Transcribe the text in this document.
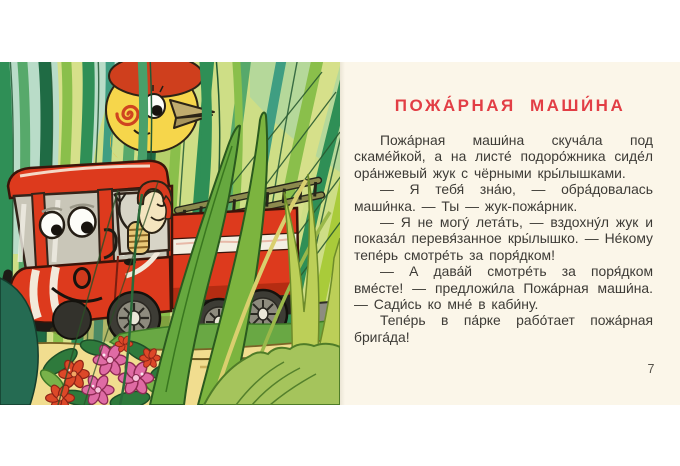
ПОЖА́РНАЯ МАШИ́НА

Пожа́рная маши́на скуча́ла под скаме́йкой, а на листе́ подоро́жника сиде́л ора́нжевый жук с чёрными кры́лышками.

— Я тебя́ зна́ю, — обра́довалась маши́нка. — Ты — жук-пожа́рник.

— Я не могу́ лета́ть, — вздохну́л жук и показа́л перевя́занное кры́лышко. — Не́кому тепе́рь смотре́ть за поря́дком!

— А дава́й смотре́ть за поря́дком вме́сте! — предложи́ла Пожа́рная маши́на. — Сади́сь ко мне́ в каби́ну.

Тепе́рь в па́рке рабо́тает пожа́рная брига́да!

7
